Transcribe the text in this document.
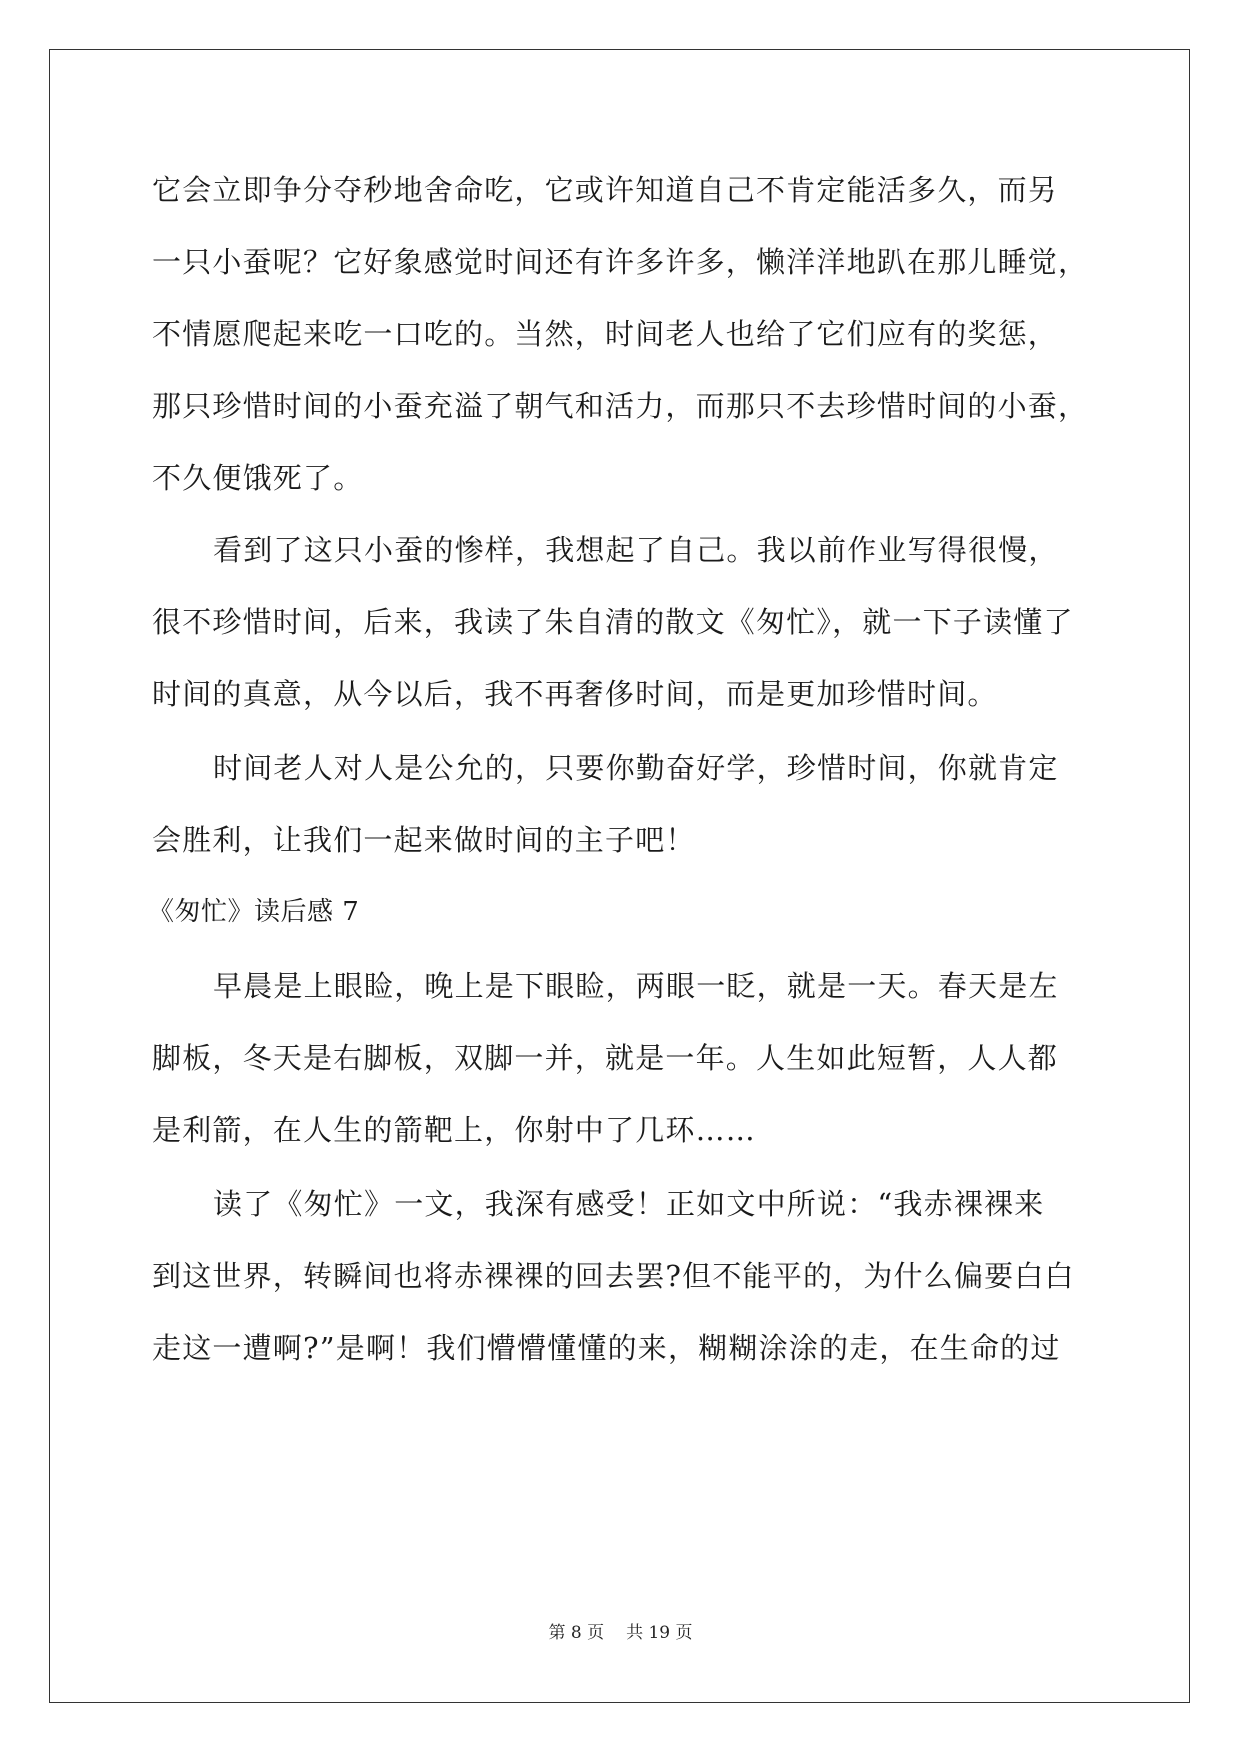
它会立即争分夺秒地舍命吃，它或许知道自己不肯定能活多久，而另
一只小蚕呢？它好象感觉时间还有许多许多，懒洋洋地趴在那儿睡觉，
不情愿爬起来吃一口吃的。当然，时间老人也给了它们应有的奖惩，
那只珍惜时间的小蚕充溢了朝气和活力，而那只不去珍惜时间的小蚕，
不久便饿死了。
看到了这只小蚕的惨样，我想起了自己。我以前作业写得很慢，
很不珍惜时间，后来，我读了朱自清的散文《匆忙》，就一下子读懂了
时间的真意，从今以后，我不再奢侈时间，而是更加珍惜时间。
时间老人对人是公允的，只要你勤奋好学，珍惜时间，你就肯定
会胜利，让我们一起来做时间的主子吧！
《匆忙》读后感 7
早晨是上眼睑，晚上是下眼睑，两眼一眨，就是一天。春天是左
脚板，冬天是右脚板，双脚一并，就是一年。人生如此短暂，人人都
是利箭，在人生的箭靶上，你射中了几环……
读了《匆忙》一文，我深有感受！正如文中所说：“我赤裸裸来
到这世界，转瞬间也将赤裸裸的回去罢?但不能平的，为什么偏要白白
走这一遭啊?”是啊！我们懵懵懂懂的来，糊糊涂涂的走，在生命的过
第 8 页 共 19 页
